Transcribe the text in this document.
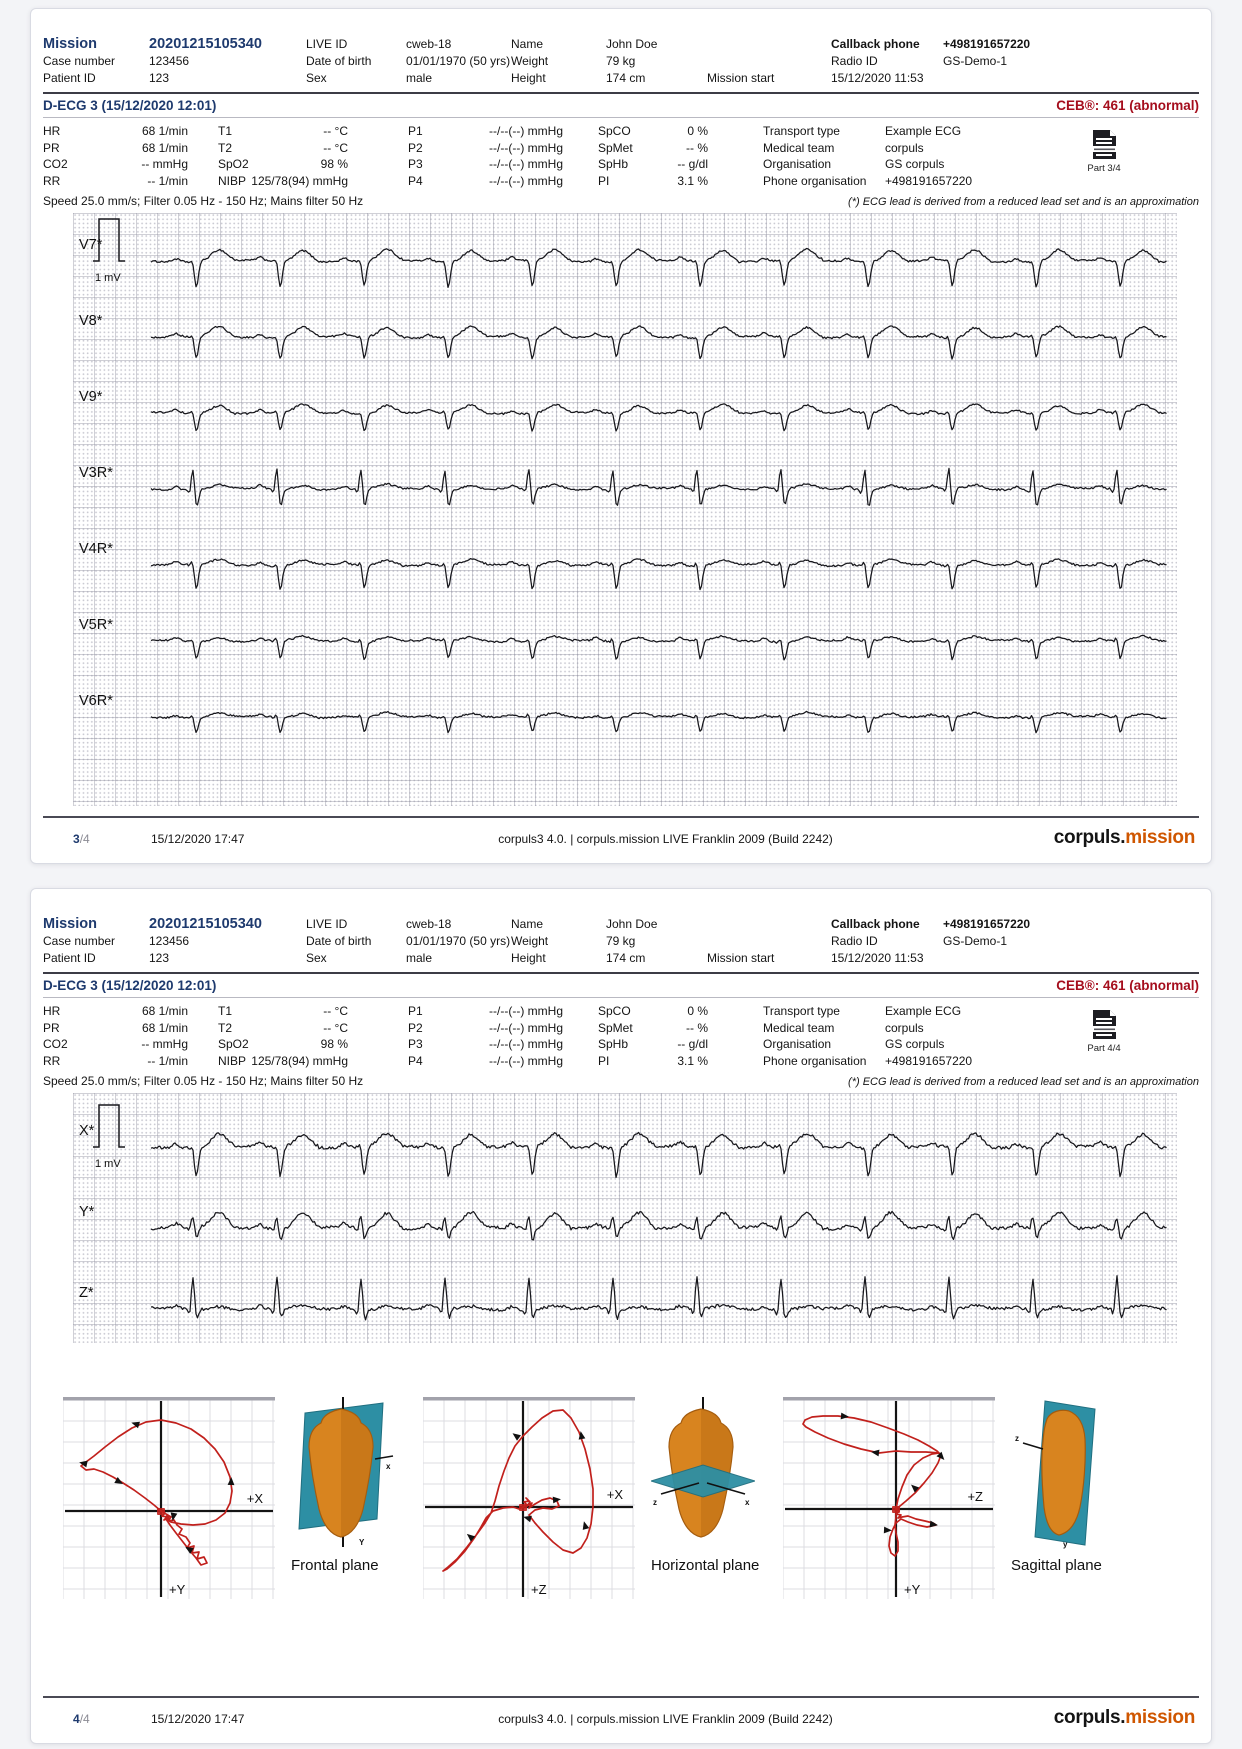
Mission	20201215105340	LIVE ID	cweb-18	Name	John Doe	Callback phone	+498191657220
Case number	123456	Date of birth	01/01/1970 (50 yrs) Weight	79 kg	Radio ID	GS-Demo-1
Patient ID	123	Sex	male	Height	174 cm	Mission start	15/12/2020 11:53
D-ECG 3 (15/12/2020 12:01)	CEB®: 461 (abnormal)
HR	68 1/min	T1	-- °C	P1	--/--(--) mmHg	SpCO	0 %	Transport type	Example ECG
PR	68 1/min	T2	-- °C	P2	--/--(--) mmHg	SpMet	-- %	Medical team	corpuls
CO2	-- mmHg	SpO2	98 %	P3	--/--(--) mmHg	SpHb	-- g/dl	Organisation	GS corpuls
RR	-- 1/min	NIBP 125/78(94) mmHg	P4	--/--(--) mmHg	PI	3.1 %	Phone organisation	+498191657220
Part 3/4
Speed 25.0 mm/s; Filter 0.05 Hz - 150 Hz; Mains filter 50 Hz	(*) ECG lead is derived from a reduced lead set and is an approximation
V7*
1 mV
V8*
V9*
V3R*
V4R*
V5R*
V6R*
3/4	15/12/2020 17:47	corpuls3 4.0. | corpuls.mission LIVE Franklin 2009 (Build 2242)	corpuls.mission
Mission	20201215105340	LIVE ID	cweb-18	Name	John Doe	Callback phone	+498191657220
Case number	123456	Date of birth	01/01/1970 (50 yrs) Weight	79 kg	Radio ID	GS-Demo-1
Patient ID	123	Sex	male	Height	174 cm	Mission start	15/12/2020 11:53
D-ECG 3 (15/12/2020 12:01)	CEB®: 461 (abnormal)
HR	68 1/min	T1	-- °C	P1	--/--(--) mmHg	SpCO	0 %	Transport type	Example ECG
PR	68 1/min	T2	-- °C	P2	--/--(--) mmHg	SpMet	-- %	Medical team	corpuls
CO2	-- mmHg	SpO2	98 %	P3	--/--(--) mmHg	SpHb	-- g/dl	Organisation	GS corpuls
RR	-- 1/min	NIBP 125/78(94) mmHg	P4	--/--(--) mmHg	PI	3.1 %	Phone organisation	+498191657220
Part 4/4
Speed 25.0 mm/s; Filter 0.05 Hz - 150 Hz; Mains filter 50 Hz	(*) ECG lead is derived from a reduced lead set and is an approximation
X*
1 mV
Y*
Z*
+X
+Y
x
Y
Frontal plane
+X
+Z
z	x
Horizontal plane
+Z
+Y
z
y
Sagittal plane
4/4	15/12/2020 17:47	corpuls3 4.0. | corpuls.mission LIVE Franklin 2009 (Build 2242)	corpuls.mission
